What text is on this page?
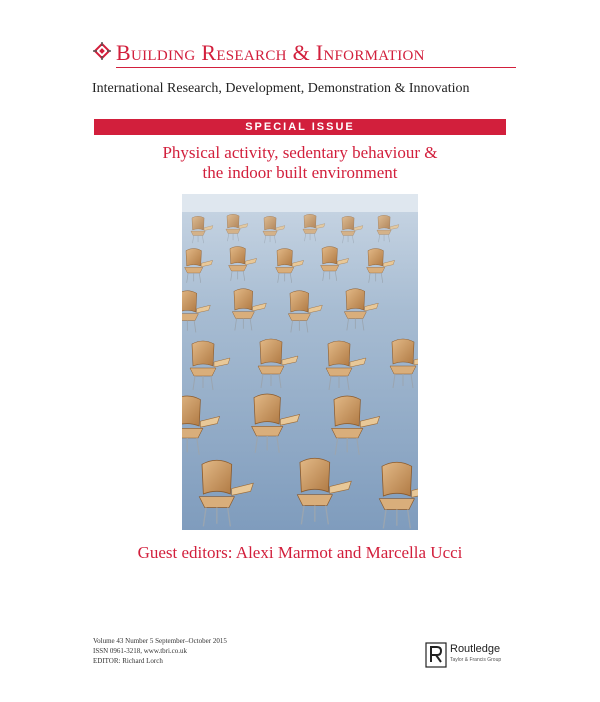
Building Research & Information
International Research, Development, Demonstration & Innovation
SPECIAL ISSUE
Physical activity, sedentary behaviour &
the indoor built environment
Guest editors: Alexi Marmot and Marcella Ucci
Volume 43 Number 5 September–October 2015
ISSN 0961-3218, www.tbri.co.uk
EDITOR: Richard Lorch
Routledge
Taylor & Francis Group
